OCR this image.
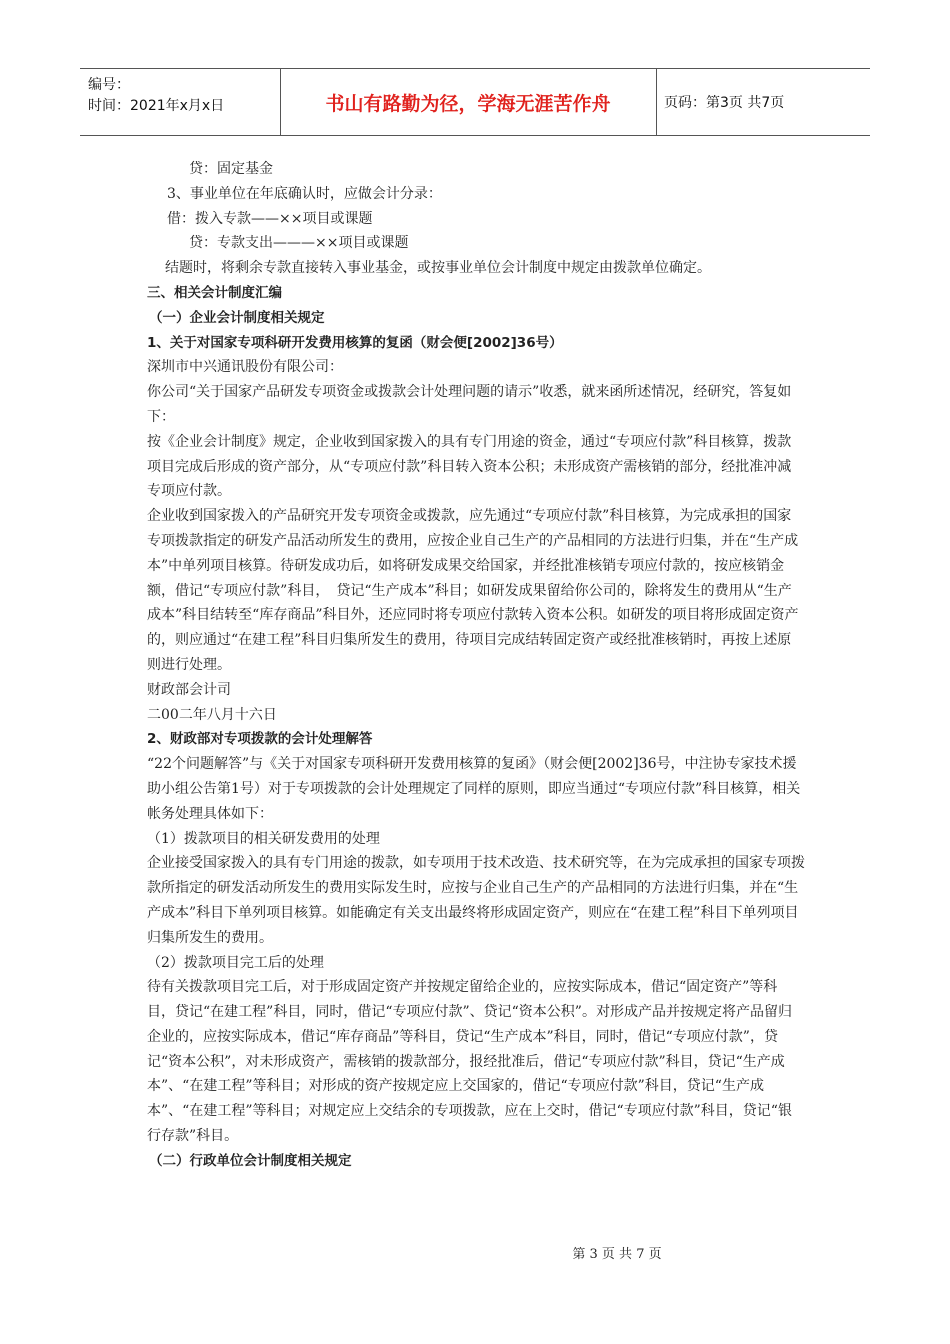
编号：
时间：2021年x月x日	书山有路勤为径，学海无涯苦作舟	页码：第3页 共7页

贷：固定基金

3、事业单位在年底确认时，应做会计分录：

借：拨入专款——××项目或课题

贷：专款支出———××项目或课题

结题时，将剩余专款直接转入事业基金，或按事业单位会计制度中规定由拨款单位确定。

三、相关会计制度汇编

（一）企业会计制度相关规定

1、关于对国家专项科研开发费用核算的复函（财会便[2002]36号）

深圳市中兴通讯股份有限公司：

你公司“关于国家产品研发专项资金或拨款会计处理问题的请示”收悉，就来函所述情况，经研究，答复如下：

按《企业会计制度》规定，企业收到国家拨入的具有专门用途的资金，通过“专项应付款”科目核算，拨款项目完成后形成的资产部分，从“专项应付款”科目转入资本公积；未形成资产需核销的部分，经批准冲减专项应付款。

企业收到国家拨入的产品研究开发专项资金或拨款，应先通过“专项应付款”科目核算，为完成承担的国家专项拨款指定的研发产品活动所发生的费用，应按企业自己生产的产品相同的方法进行归集，并在“生产成本”中单列项目核算。待研发成功后，如将研发成果交给国家，并经批准核销专项应付款的，按应核销金额，借记“专项应付款”科目，　贷记“生产成本”科目；如研发成果留给你公司的，除将发生的费用从“生产成本”科目结转至“库存商品”科目外，还应同时将专项应付款转入资本公积。如研发的项目将形成固定资产的，则应通过“在建工程”科目归集所发生的费用，待项目完成结转固定资产或经批准核销时，再按上述原则进行处理。

财政部会计司

二00二年八月十六日

2、财政部对专项拨款的会计处理解答

“22个问题解答”与《关于对国家专项科研开发费用核算的复函》（财会便[2002]36号，中注协专家技术援助小组公告第1号）对于专项拨款的会计处理规定了同样的原则，即应当通过“专项应付款”科目核算，相关帐务处理具体如下：

（1）拨款项目的相关研发费用的处理

企业接受国家拨入的具有专门用途的拨款，如专项用于技术改造、技术研究等，在为完成承担的国家专项拨款所指定的研发活动所发生的费用实际发生时，应按与企业自己生产的产品相同的方法进行归集，并在“生产成本”科目下单列项目核算。如能确定有关支出最终将形成固定资产，则应在“在建工程”科目下单列项目归集所发生的费用。

（2）拨款项目完工后的处理

待有关拨款项目完工后，对于形成固定资产并按规定留给企业的，应按实际成本，借记“固定资产”等科目，贷记“在建工程”科目，同时，借记“专项应付款”、贷记“资本公积”。对形成产品并按规定将产品留归企业的，应按实际成本，借记“库存商品”等科目，贷记“生产成本”科目，同时，借记“专项应付款”，贷记“资本公积”，对未形成资产，需核销的拨款部分，报经批准后，借记“专项应付款”科目，贷记“生产成本”、“在建工程”等科目；对形成的资产按规定应上交国家的，借记“专项应付款”科目，贷记“生产成本”、“在建工程”等科目；对规定应上交结余的专项拨款，应在上交时，借记“专项应付款”科目，贷记“银行存款”科目。

（二）行政单位会计制度相关规定

第 3 页 共 7 页
